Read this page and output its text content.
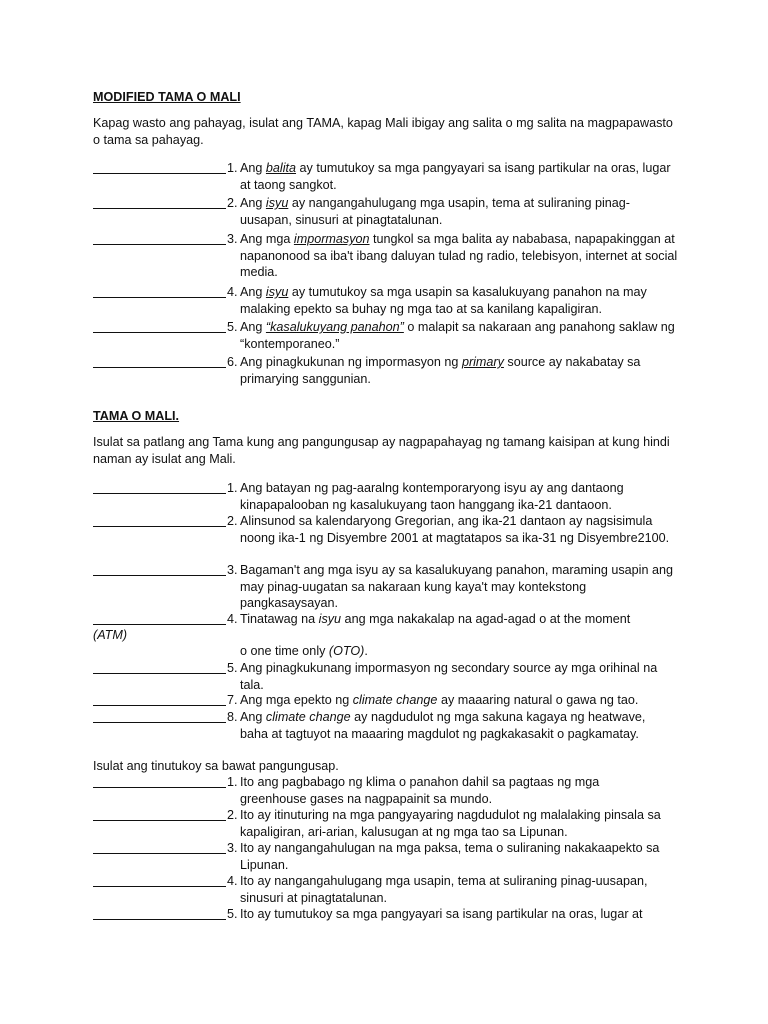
MODIFIED TAMA O MALI

Kapag wasto ang pahayag, isulat ang TAMA, kapag Mali ibigay ang salita o mg salita na magpapawasto o tama sa pahayag.

1. Ang balita ay tumutukoy sa mga pangyayari sa isang partikular na oras, lugar at taong sangkot.
2. Ang isyu ay nangangahulugang mga usapin, tema at suliraning pinag-uusapan, sinusuri at pinagtatalunan.
3. Ang mga impormasyon tungkol sa mga balita ay nababasa, napapakinggan at napanonood sa iba't ibang daluyan tulad ng radio, telebisyon, internet at social media.
4. Ang isyu ay tumutukoy sa mga usapin sa kasalukuyang panahon na may malaking epekto sa buhay ng mga tao at sa kanilang kapaligiran.
5. Ang “kasalukuyang panahon” o malapit sa nakaraan ang panahong saklaw ng “kontemporaneo.”
6. Ang pinagkukunan ng impormasyon ng primary source ay nakabatay sa primarying sanggunian.
TAMA O MALI.

Isulat sa patlang ang Tama kung ang pangungusap ay nagpapahayag ng tamang kaisipan at kung hindi naman ay isulat ang Mali.

1. Ang batayan ng pag-aaralng kontemporaryong isyu ay ang dantaong kinapapalooban ng kasalukuyang taon hanggang ika-21 dantaoon.
2. Alinsunod sa kalendaryong Gregorian, ang ika-21 dantaon ay nagsisimula noong ika-1 ng Disyembre 2001 at magtatapos sa ika-31 ng Disyembre2100.
3. Bagaman't ang mga isyu ay sa kasalukuyang panahon, maraming usapin ang may pinag-uugatan sa nakaraan kung kaya't may kontekstong pangkasaysayan.
4. Tinatawag na isyu ang mga nakakalap na agad-agad o at the moment
(ATM)
o one time only (OTO).
5. Ang pinagkukunang impormasyon ng secondary source ay mga orihinal na tala.
7. Ang mga epekto ng climate change ay maaaring natural o gawa ng tao.
8. Ang climate change ay nagdudulot ng mga sakuna kagaya ng heatwave, baha at tagtuyot na maaaring magdulot ng pagkakasakit o pagkamatay.

Isulat ang tinutukoy sa bawat pangungusap.

1. Ito ang pagbabago ng klima o panahon dahil sa pagtaas ng mga greenhouse gases na nagpapainit sa mundo.
2. Ito ay itinuturing na mga pangyayaring nagdudulot ng malalaking pinsala sa kapaligiran, ari-arian, kalusugan at ng mga tao sa Lipunan.
3. Ito ay nangangahulugan na mga paksa, tema o suliraning nakakaapekto sa Lipunan.
4. Ito ay nangangahulugang mga usapin, tema at suliraning pinag-uusapan, sinusuri at pinagtatalunan.
5. Ito ay tumutukoy sa mga pangyayari sa isang partikular na oras, lugar at
